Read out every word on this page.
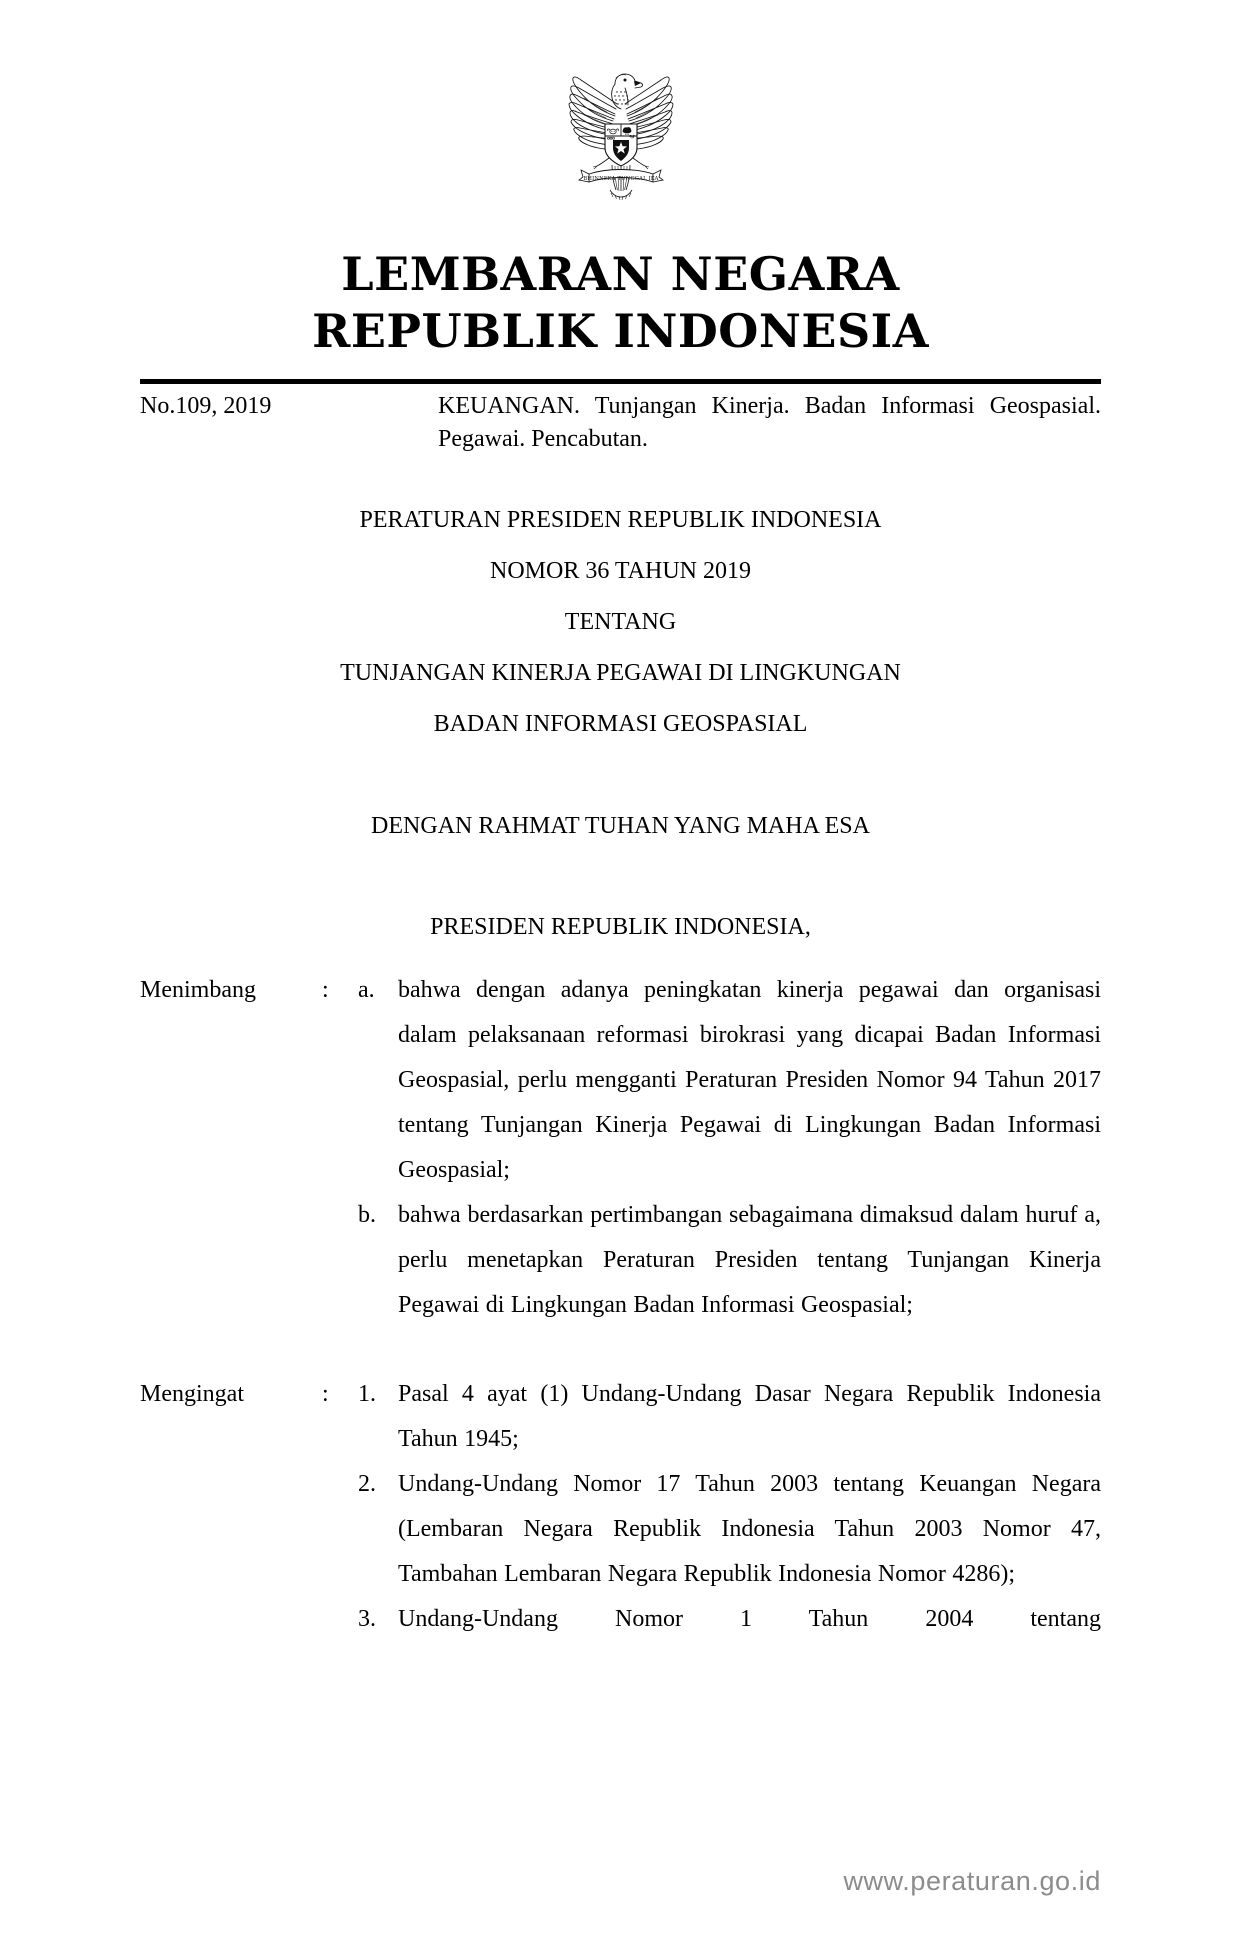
BHINNEKA TUNGGAL IKA
LEMBARAN NEGARA
REPUBLIK INDONESIA
No.109, 2019	KEUANGAN. Tunjangan Kinerja. Badan Informasi Geospasial. Pegawai. Pencabutan.
PERATURAN PRESIDEN REPUBLIK INDONESIA
NOMOR 36 TAHUN 2019
TENTANG
TUNJANGAN KINERJA PEGAWAI DI LINGKUNGAN
BADAN INFORMASI GEOSPASIAL
DENGAN RAHMAT TUHAN YANG MAHA ESA
PRESIDEN REPUBLIK INDONESIA,
Menimbang	:	a. bahwa dengan adanya peningkatan kinerja pegawai dan organisasi dalam pelaksanaan reformasi birokrasi yang dicapai Badan Informasi Geospasial, perlu mengganti Peraturan Presiden Nomor 94 Tahun 2017 tentang Tunjangan Kinerja Pegawai di Lingkungan Badan Informasi Geospasial;
b. bahwa berdasarkan pertimbangan sebagaimana dimaksud dalam huruf a, perlu menetapkan Peraturan Presiden tentang Tunjangan Kinerja Pegawai di Lingkungan Badan Informasi Geospasial;
Mengingat	:	1. Pasal 4 ayat (1) Undang-Undang Dasar Negara Republik Indonesia Tahun 1945;
2. Undang-Undang Nomor 17 Tahun 2003 tentang Keuangan Negara (Lembaran Negara Republik Indonesia Tahun 2003 Nomor 47, Tambahan Lembaran Negara Republik Indonesia Nomor 4286);
3. Undang-Undang Nomor 1 Tahun 2004 tentang
www.peraturan.go.id
